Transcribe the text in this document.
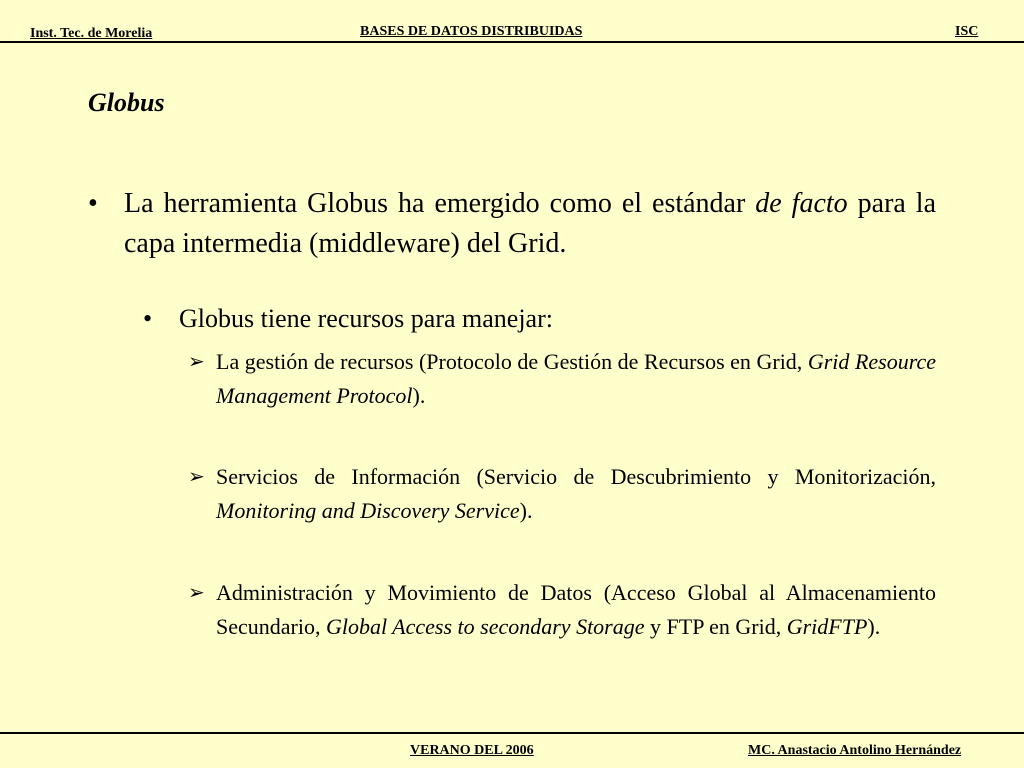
Inst. Tec. de Morelia	BASES DE DATOS DISTRIBUIDAS	ISC
Globus
• La herramienta Globus ha emergido como el estándar de facto para la capa intermedia (middleware) del Grid.
• Globus tiene recursos para manejar:
➢ La gestión de recursos (Protocolo de Gestión de Recursos en Grid, Grid Resource Management Protocol).
➢ Servicios de Información (Servicio de Descubrimiento y Monitorización, Monitoring and Discovery Service).
➢ Administración y Movimiento de Datos (Acceso Global al Almacenamiento Secundario, Global Access to secondary Storage y FTP en Grid, GridFTP).
VERANO DEL 2006	MC. Anastacio Antolino Hernández
